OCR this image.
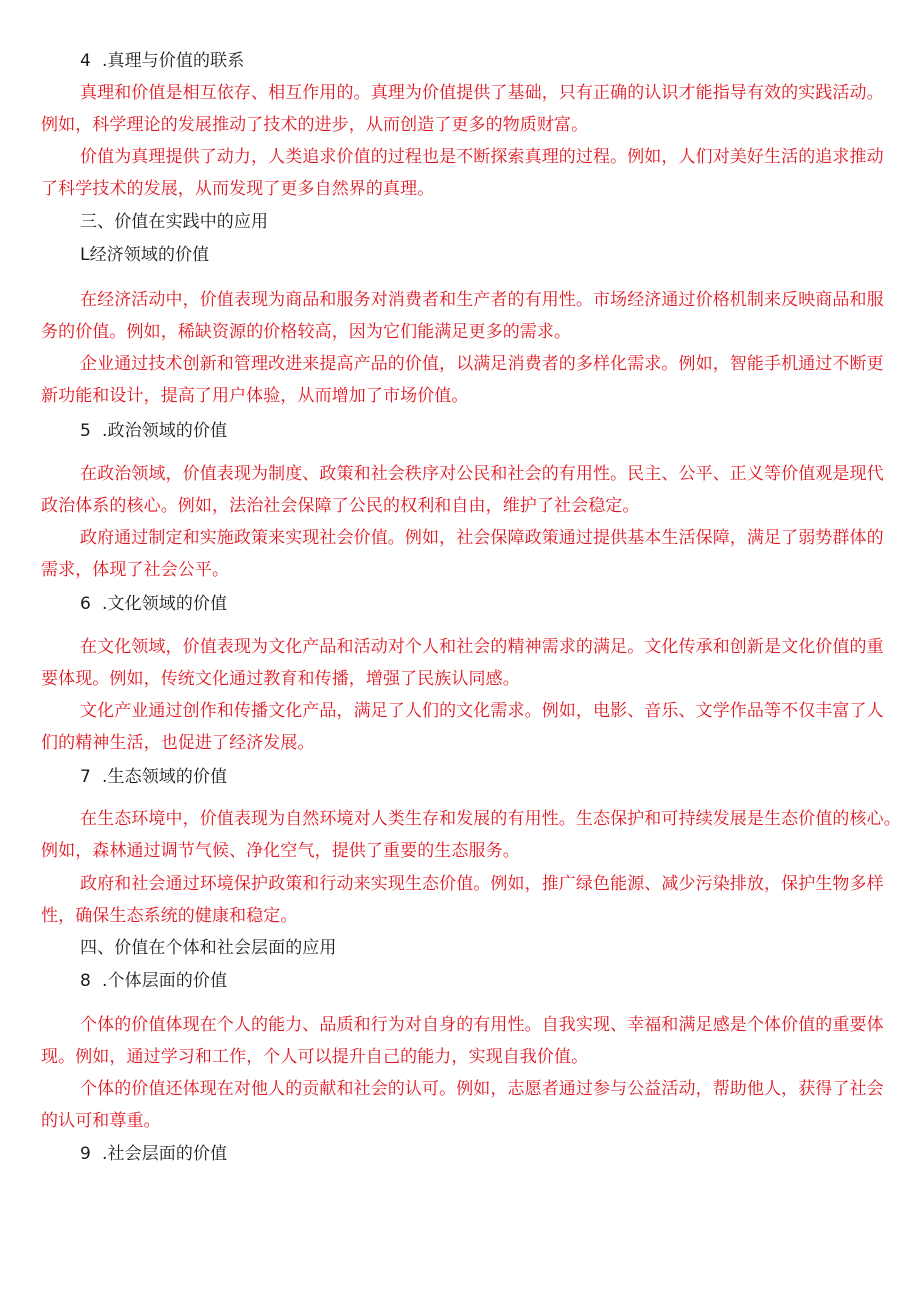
4 .真理与价值的联系
真理和价值是相互依存、相互作用的。真理为价值提供了基础，只有正确的认识才能指导有效的实践活动。
例如，科学理论的发展推动了技术的进步，从而创造了更多的物质财富。
价值为真理提供了动力，人类追求价值的过程也是不断探索真理的过程。例如，人们对美好生活的追求推动
了科学技术的发展，从而发现了更多自然界的真理。
三、价值在实践中的应用
L经济领域的价值
在经济活动中，价值表现为商品和服务对消费者和生产者的有用性。市场经济通过价格机制来反映商品和服
务的价值。例如，稀缺资源的价格较高，因为它们能满足更多的需求。
企业通过技术创新和管理改进来提高产品的价值，以满足消费者的多样化需求。例如，智能手机通过不断更
新功能和设计，提高了用户体验，从而增加了市场价值。
5 .政治领域的价值
在政治领域，价值表现为制度、政策和社会秩序对公民和社会的有用性。民主、公平、正义等价值观是现代
政治体系的核心。例如，法治社会保障了公民的权利和自由，维护了社会稳定。
政府通过制定和实施政策来实现社会价值。例如，社会保障政策通过提供基本生活保障，满足了弱势群体的
需求，体现了社会公平。
6 .文化领域的价值
在文化领域，价值表现为文化产品和活动对个人和社会的精神需求的满足。文化传承和创新是文化价值的重
要体现。例如，传统文化通过教育和传播，增强了民族认同感。
文化产业通过创作和传播文化产品，满足了人们的文化需求。例如，电影、音乐、文学作品等不仅丰富了人
们的精神生活，也促进了经济发展。
7 .生态领域的价值
在生态环境中，价值表现为自然环境对人类生存和发展的有用性。生态保护和可持续发展是生态价值的核心。
例如，森林通过调节气候、净化空气，提供了重要的生态服务。
政府和社会通过环境保护政策和行动来实现生态价值。例如，推广绿色能源、减少污染排放，保护生物多样
性，确保生态系统的健康和稳定。
四、价值在个体和社会层面的应用
8 .个体层面的价值
个体的价值体现在个人的能力、品质和行为对自身的有用性。自我实现、幸福和满足感是个体价值的重要体
现。例如，通过学习和工作，个人可以提升自己的能力，实现自我价值。
个体的价值还体现在对他人的贡献和社会的认可。例如，志愿者通过参与公益活动，帮助他人，获得了社会
的认可和尊重。
9 .社会层面的价值
